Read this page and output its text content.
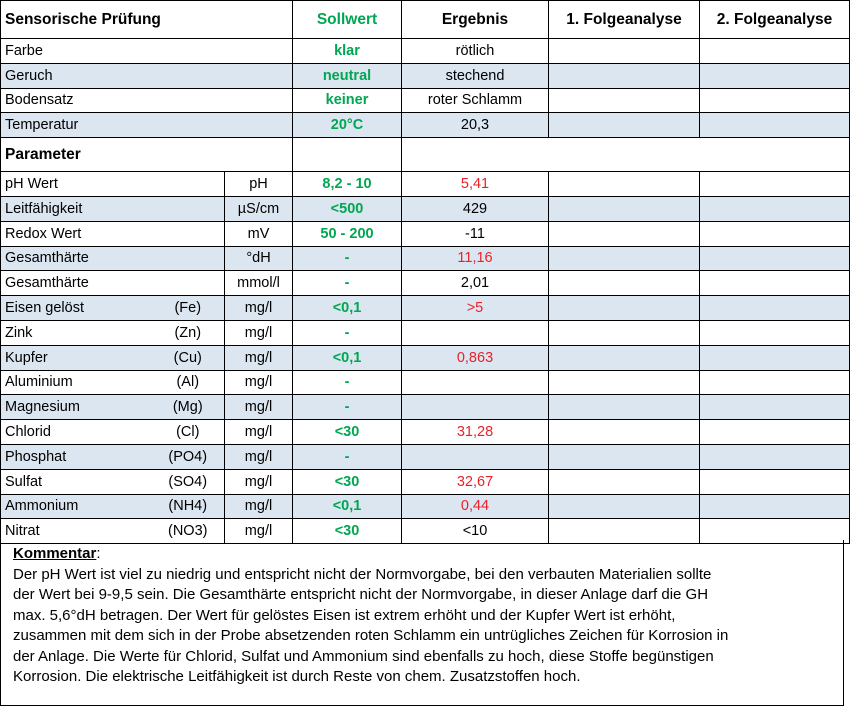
Sensorische Prüfung			Sollwert	Ergebnis	1. Folgeanalyse	2. Folgeanalyse
Farbe			klar	rötlich		
Geruch			neutral	stechend		
Bodensatz			keiner	roter Schlamm		
Temperatur			20°C	20,3		
Parameter						
pH Wert		pH	8,2 - 10	5,41		
Leitfähigkeit		µS/cm	<500	429		
Redox Wert		mV	50 - 200	-11		
Gesamthärte		°dH	-	11,16		
Gesamthärte		mmol/l	-	2,01		
Eisen gelöst	(Fe)	mg/l	<0,1	>5		
Zink	(Zn)	mg/l	-			
Kupfer	(Cu)	mg/l	<0,1	0,863		
Aluminium	(Al)	mg/l	-			
Magnesium	(Mg)	mg/l	-			
Chlorid	(Cl)	mg/l	<30	31,28		
Phosphat	(PO4)	mg/l	-			
Sulfat	(SO4)	mg/l	<30	32,67		
Ammonium	(NH4)	mg/l	<0,1	0,44		
Nitrat	(NO3)	mg/l	<30	<10		
Kommentar:
Der pH Wert ist viel zu niedrig und entspricht nicht der Normvorgabe, bei den verbauten Materialien sollte
der Wert bei 9-9,5 sein. Die Gesamthärte entspricht nicht der Normvorgabe, in dieser Anlage darf die GH
max. 5,6°dH betragen. Der Wert für gelöstes Eisen ist extrem erhöht und der Kupfer Wert ist erhöht,
zusammen mit dem sich in der Probe absetzenden roten Schlamm ein untrügliches Zeichen für Korrosion in
der Anlage. Die Werte für Chlorid, Sulfat und Ammonium sind ebenfalls zu hoch, diese Stoffe begünstigen
Korrosion. Die elektrische Leitfähigkeit ist durch Reste von chem. Zusatzstoffen hoch.
